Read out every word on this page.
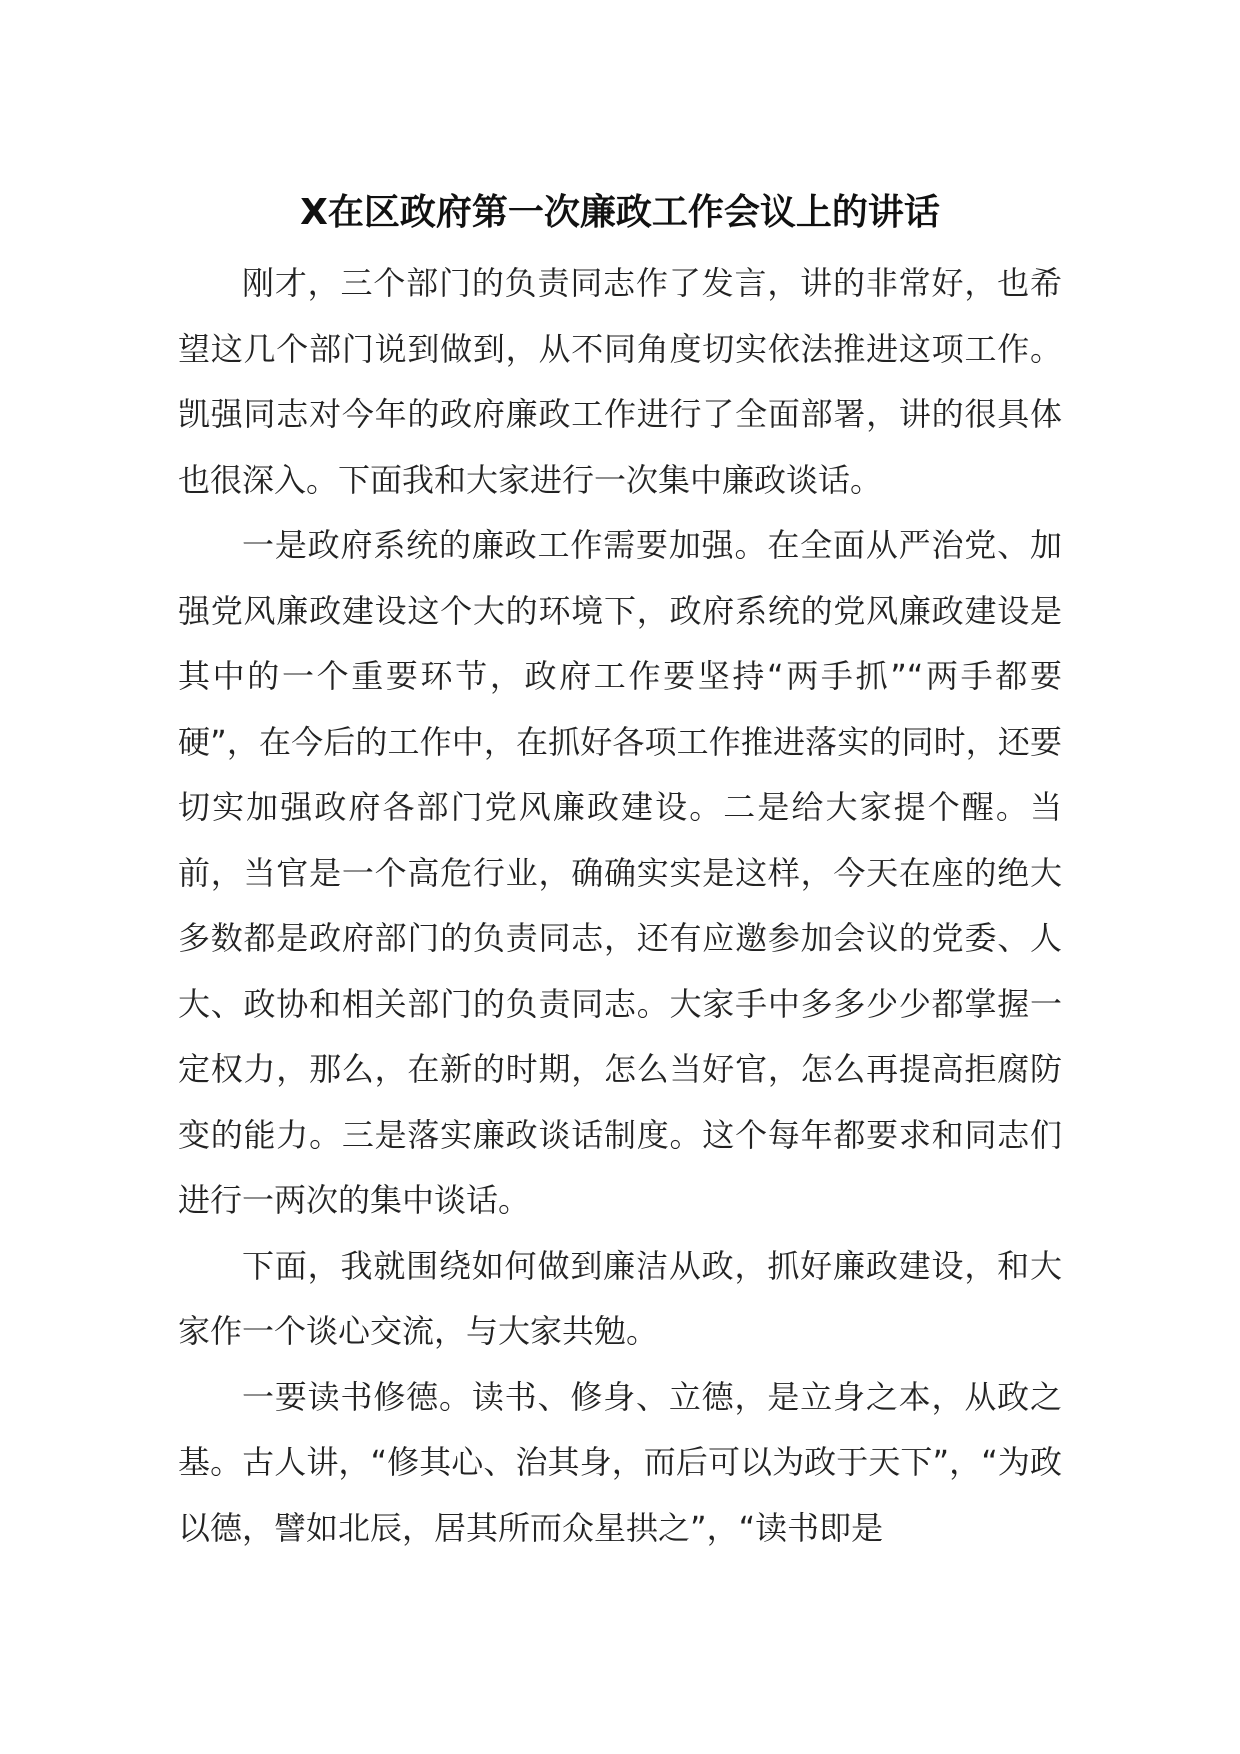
X在区政府第一次廉政工作会议上的讲话

刚才，三个部门的负责同志作了发言，讲的非常好，也希望这几个部门说到做到，从不同角度切实依法推进这项工作。凯强同志对今年的政府廉政工作进行了全面部署，讲的很具体也很深入。下面我和大家进行一次集中廉政谈话。

一是政府系统的廉政工作需要加强。在全面从严治党、加强党风廉政建设这个大的环境下，政府系统的党风廉政建设是其中的一个重要环节，政府工作要坚持“两手抓”“两手都要硬”，在今后的工作中，在抓好各项工作推进落实的同时，还要切实加强政府各部门党风廉政建设。二是给大家提个醒。当前，当官是一个高危行业，确确实实是这样，今天在座的绝大多数都是政府部门的负责同志，还有应邀参加会议的党委、人大、政协和相关部门的负责同志。大家手中多多少少都掌握一定权力，那么，在新的时期，怎么当好官，怎么再提高拒腐防变的能力。三是落实廉政谈话制度。这个每年都要求和同志们进行一两次的集中谈话。

下面，我就围绕如何做到廉洁从政，抓好廉政建设，和大家作一个谈心交流，与大家共勉。

一要读书修德。读书、修身、立德，是立身之本，从政之基。古人讲，“修其心、治其身，而后可以为政于天下”，“为政以德，譬如北辰，居其所而众星拱之”，“读书即是
